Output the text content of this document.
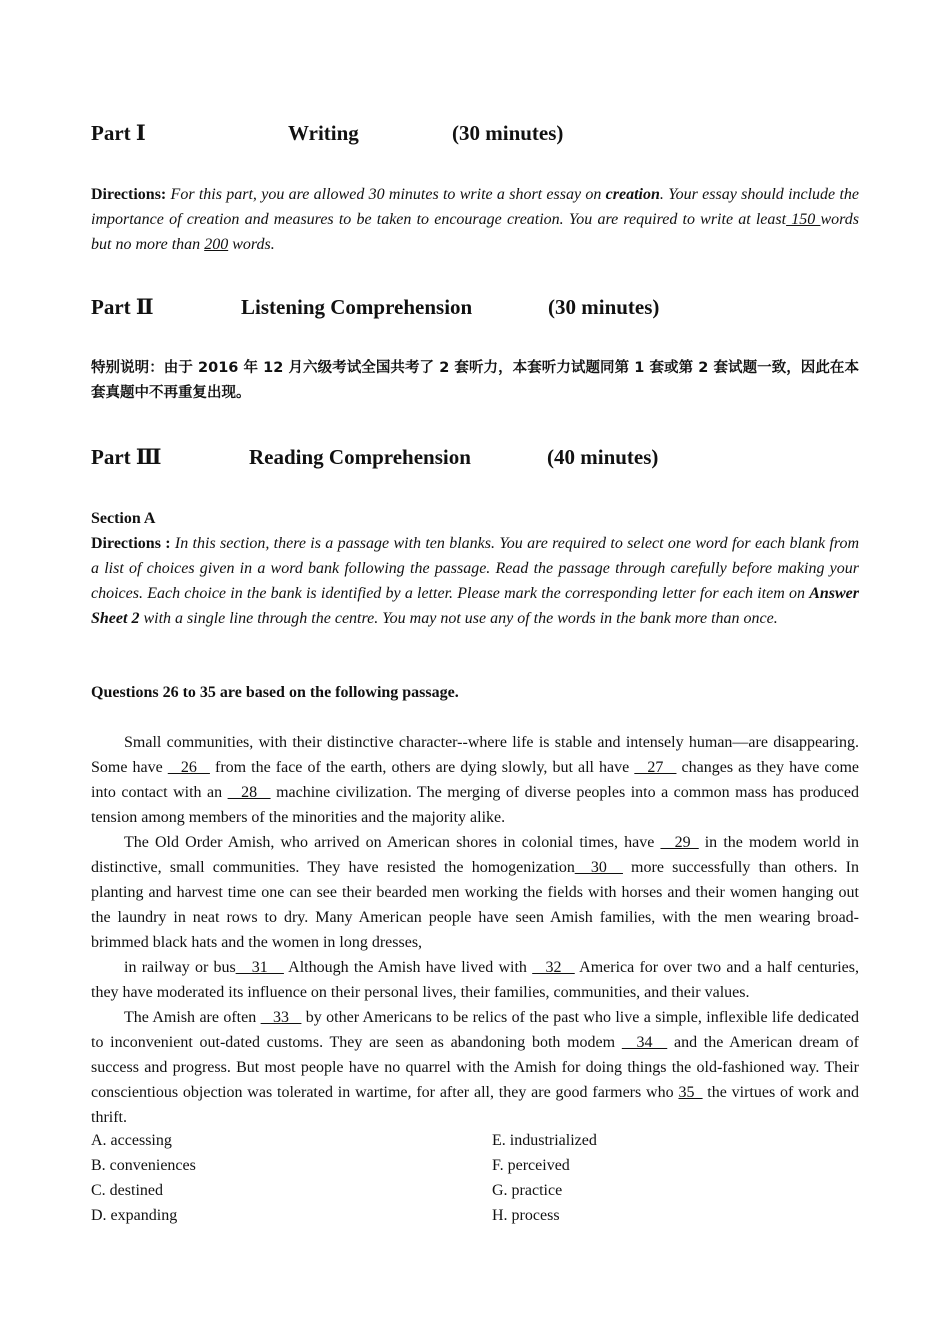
Part Ⅰ	Writing	(30 minutes)
Directions: For this part, you are allowed 30 minutes to write a short essay on creation. Your essay should include the importance of creation and measures to be taken to encourage creation. You are required to write at least 150 words but no more than 200 words.
Part Ⅱ	Listening Comprehension	(30 minutes)
特别说明：由于 2016 年 12 月六级考试全国共考了 2 套听力，本套听力试题同第 1 套或第 2 套试题一致，因此在本套真题中不再重复出现。
Part Ⅲ	Reading Comprehension	(40 minutes)
Section A
Directions : In this section, there is a passage with ten blanks. You are required to select one word for each blank from a list of choices given in a word bank following the passage. Read the passage through carefully before making your choices. Each choice in the bank is identified by a letter. Please mark the corresponding letter for each item on Answer Sheet 2 with a single line through the centre. You may not use any of the words in the bank more than once.
Questions 26 to 35 are based on the following passage.
Small communities, with their distinctive character--where life is stable and intensely human—are disappearing. Some have  _26_  from the face of the earth, others are dying slowly, but all have  _27_  changes as they have come into contact with an  _28_  machine civilization. The merging of diverse peoples into a common mass has produced tension among members of the minorities and the majority alike.
The Old Order Amish, who arrived on American shores in colonial times, have  _29_ in the modem world in distinctive, small communities. They have resisted the homogenization__30__ more successfully than others. In planting and harvest time one can see their bearded men working the fields with horses and their women hanging out the laundry in neat rows to dry. Many American people have seen Amish families, with the men wearing broad-brimmed black hats and the women in long dresses,
in railway or bus__31__ Although the Amish have lived with  _32_  America for over two and a half centuries, they have moderated its influence on their personal lives, their families, communities, and their values.
The Amish are often  _33_  by other Americans to be relics of the past who live a simple, inflexible life dedicated to inconvenient out-dated customs. They are seen as abandoning both modem  _34_  and the American dream of success and progress. But most people have no quarrel with the Amish for doing things the old-fashioned way. Their conscientious objection was tolerated in wartime, for after all, they are good farmers who 35_ the virtues of work and thrift.
A. accessing	E. industrialized
B. conveniences	F. perceived
C. destined	G. practice
D. expanding	H. process
